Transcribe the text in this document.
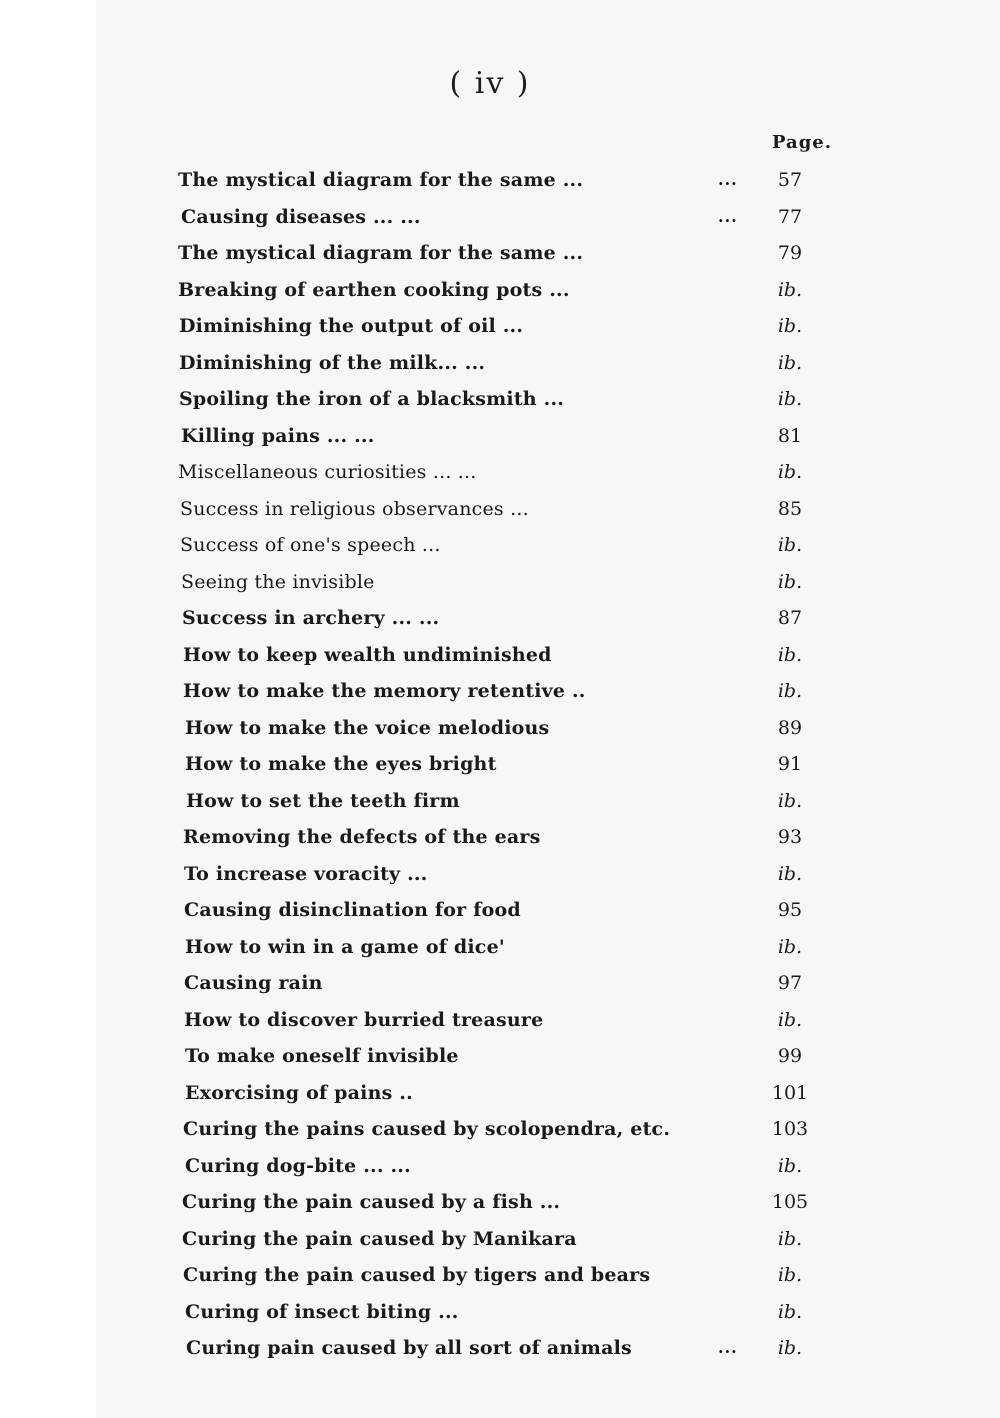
( iv )
Page.
The mystical diagram for the same ...	...	57
Causing diseases ... ...	...	77
The mystical diagram for the same ...	79
Breaking of earthen cooking pots ...	ib.
Diminishing the output of oil ...	ib.
Diminishing of the milk... ...	ib.
Spoiling the iron of a blacksmith ...	ib.
Killing pains ... ...	81
Miscellaneous curiosities ... ...	ib.
Success in religious observances ...	85
Success of one's speech ...	ib.
Seeing the invisible	ib.
Success in archery ... ...	87
How to keep wealth undiminished	ib.
How to make the memory retentive ..	ib.
How to make the voice melodious	89
How to make the eyes bright	91
How to set the teeth firm	ib.
Removing the defects of the ears	93
To increase voracity ...	ib.
Causing disinclination for food	95
How to win in a game of dice'	ib.
Causing rain	97
How to discover burried treasure	ib.
To make oneself invisible	99
Exorcising of pains ..	101
Curing the pains caused by scolopendra, etc.	103
Curing dog-bite ... ...	ib.
Curing the pain caused by a fish ...	105
Curing the pain caused by Manikara	ib.
Curing the pain caused by tigers and bears	ib.
Curing of insect biting ...	ib.
Curing pain caused by all sort of animals	...	ib.
